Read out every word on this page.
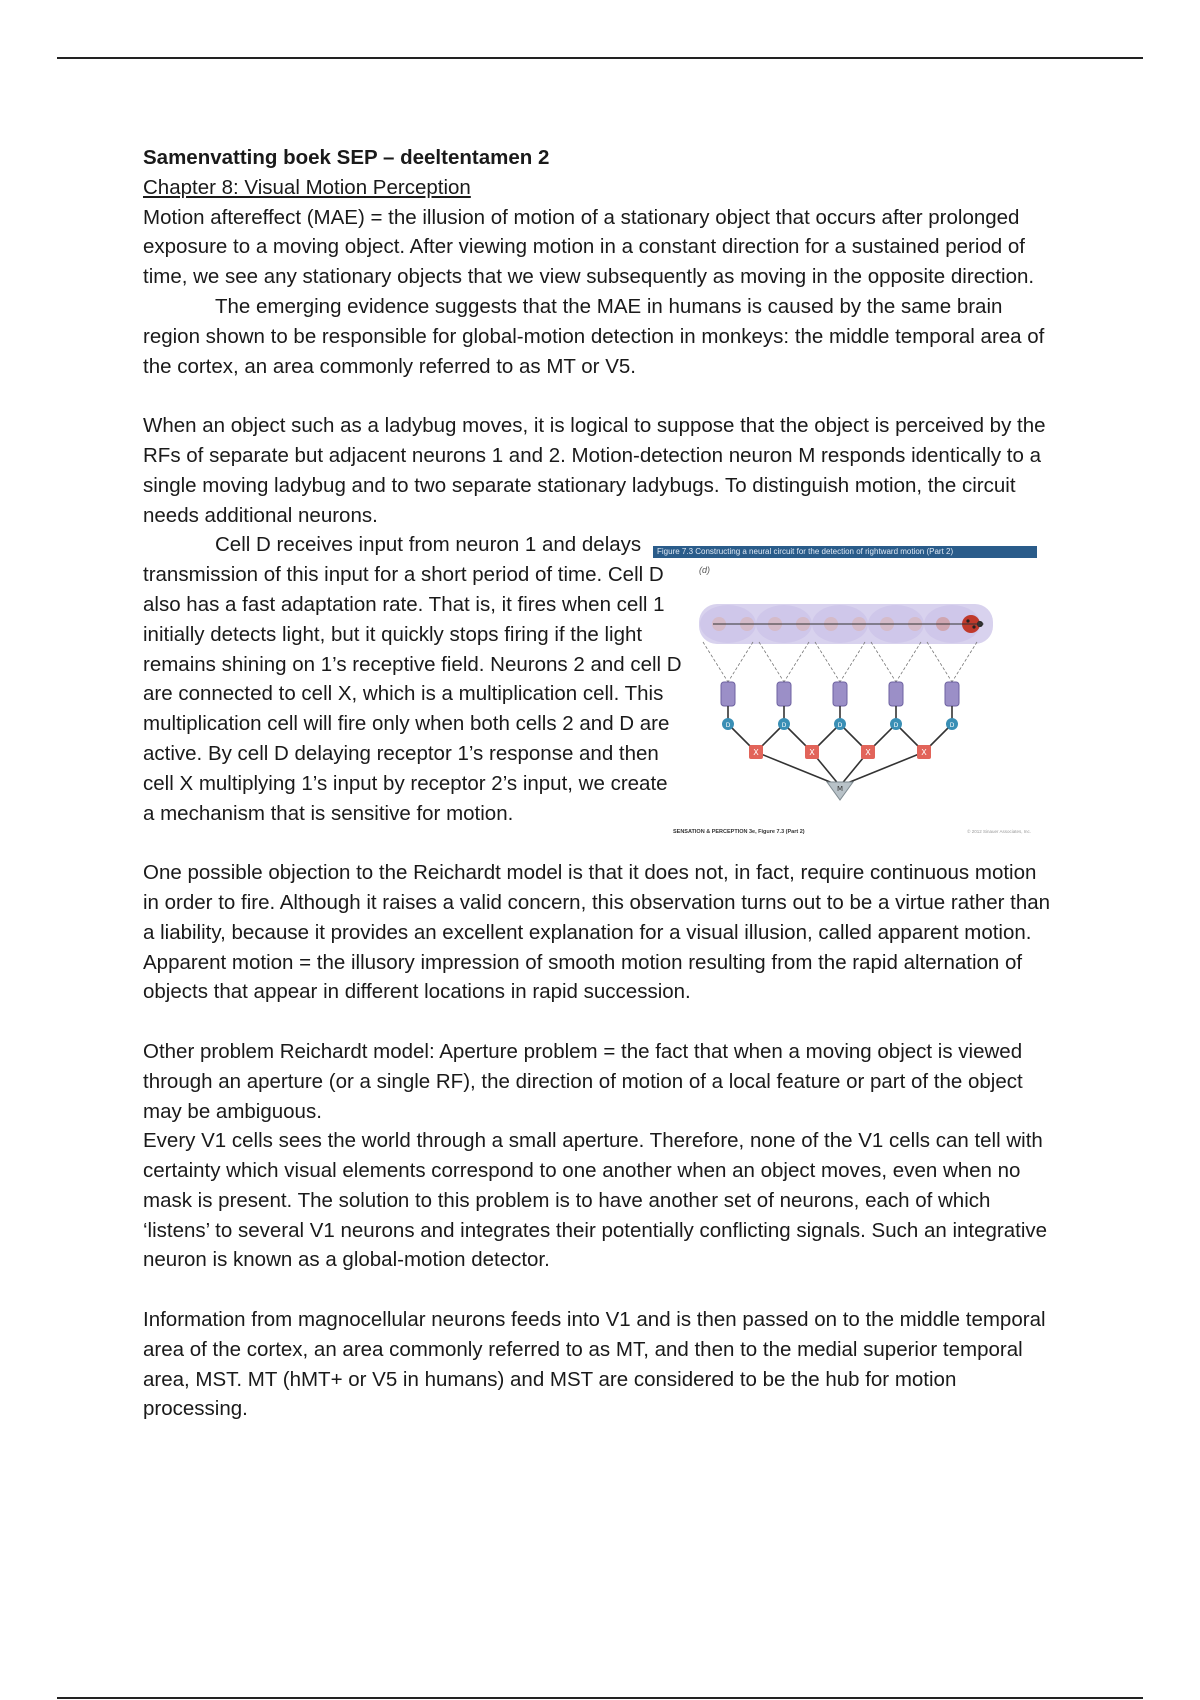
Samenvatting boek SEP – deeltentamen 2

Chapter 8: Visual Motion Perception

Motion aftereffect (MAE) = the illusion of motion of a stationary object that occurs after prolonged exposure to a moving object. After viewing motion in a constant direction for a sustained period of time, we see any stationary objects that we view subsequently as moving in the opposite direction.

The emerging evidence suggests that the MAE in humans is caused by the same brain region shown to be responsible for global-motion detection in monkeys: the middle temporal area of the cortex, an area commonly referred to as MT or V5.

When an object such as a ladybug moves, it is logical to suppose that the object is perceived by the RFs of separate but adjacent neurons 1 and 2. Motion-detection neuron M responds identically to a single moving ladybug and to two separate stationary ladybugs. To distinguish motion, the circuit needs additional neurons.

Cell D receives input from neuron 1 and delays transmission of this input for a short period of time. Cell D also has a fast adaptation rate. That is, it fires when cell 1 initially detects light, but it quickly stops firing if the light remains shining on 1’s receptive field. Neurons 2 and cell D are connected to cell X, which is a multiplication cell. This multiplication cell will fire only when both cells 2 and D are active. By cell D delaying receptor 1’s response and then cell X multiplying 1’s input by receptor 2’s input, we create a mechanism that is sensitive for motion.

Figure 7.3 Constructing a neural circuit for the detection of rightward motion (Part 2)
(d)
D	D	D	D	D
X	X	X	X
M
SENSATION & PERCEPTION 3e, Figure 7.3 (Part 2)	© 2012 Sinauer Associates, Inc.

One possible objection to the Reichardt model is that it does not, in fact, require continuous motion in order to fire. Although it raises a valid concern, this observation turns out to be a virtue rather than a liability, because it provides an excellent explanation for a visual illusion, called apparent motion.

Apparent motion = the illusory impression of smooth motion resulting from the rapid alternation of objects that appear in different locations in rapid succession.

Other problem Reichardt model: Aperture problem = the fact that when a moving object is viewed through an aperture (or a single RF), the direction of motion of a local feature or part of the object may be ambiguous.

Every V1 cells sees the world through a small aperture. Therefore, none of the V1 cells can tell with certainty which visual elements correspond to one another when an object moves, even when no mask is present. The solution to this problem is to have another set of neurons, each of which ‘listens’ to several V1 neurons and integrates their potentially conflicting signals. Such an integrative neuron is known as a global-motion detector.

Information from magnocellular neurons feeds into V1 and is then passed on to the middle temporal area of the cortex, an area commonly referred to as MT, and then to the medial superior temporal area, MST. MT (hMT+ or V5 in humans) and MST are considered to be the hub for motion processing.
